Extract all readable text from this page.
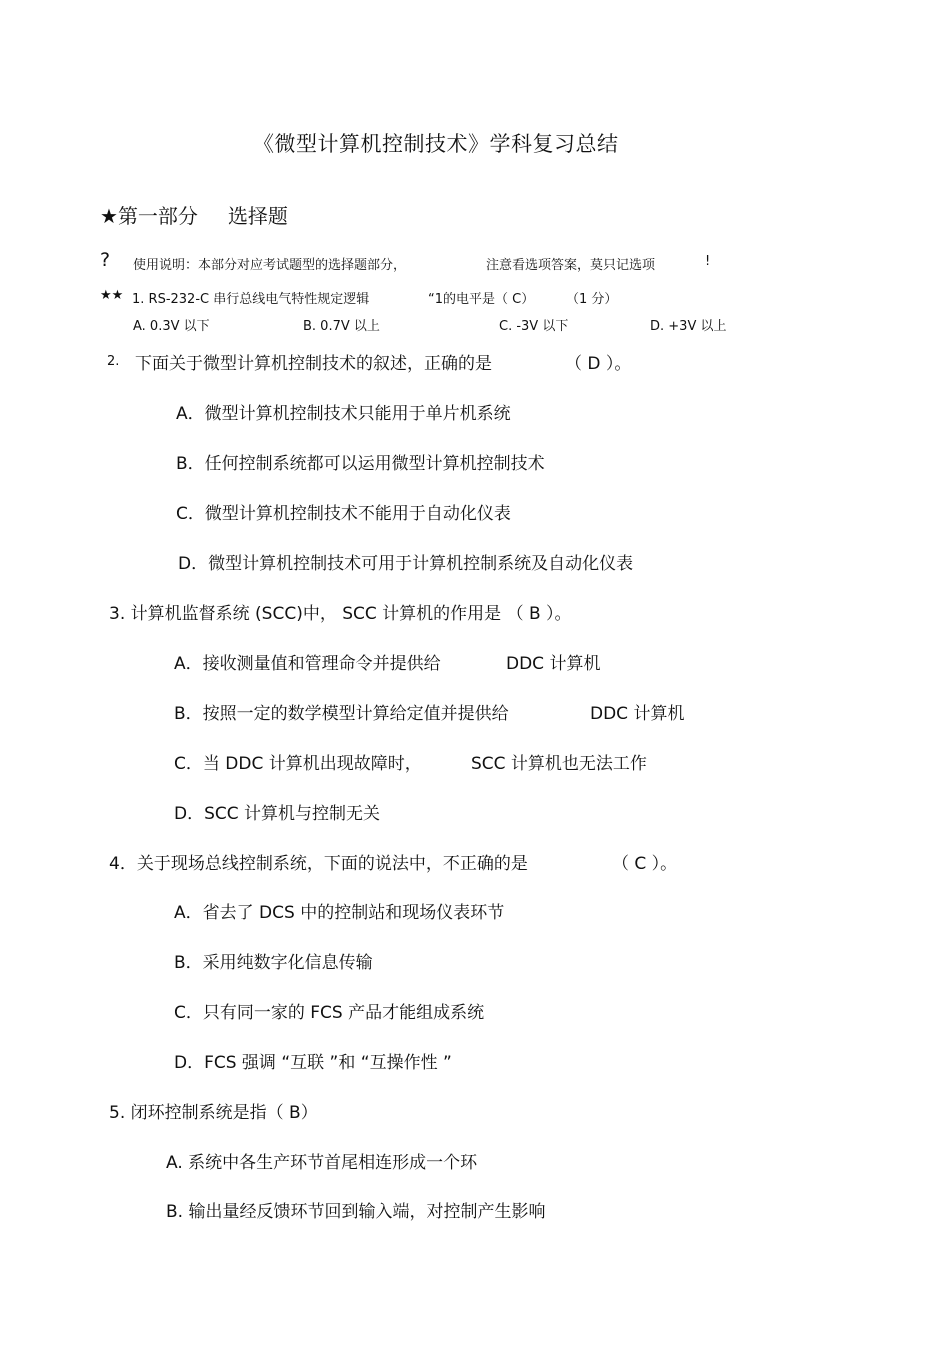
《微型计算机控制技术》学科复习总结
★第一部分 选择题
? 使用说明：本部分对应考试题型的选择题部分，	注意看选项答案，莫只记选项	!
★★ 1. RS-232-C 串行总线电气特性规定逻辑	“1的电平是（ C） （1 分）
A. 0.3V 以下	B. 0.7V 以上	C. -3V 以下	D. +3V 以上
2. 下面关于微型计算机控制技术的叙述，正确的是	（ D ）。
A．微型计算机控制技术只能用于单片机系统
B．任何控制系统都可以运用微型计算机控制技术
C．微型计算机控制技术不能用于自动化仪表
D．微型计算机控制技术可用于计算机控制系统及自动化仪表
3. 计算机监督系统 (SCC)中， SCC 计算机的作用是 （ B ）。
A．接收测量值和管理命令并提供给	DDC 计算机
B．按照一定的数学模型计算给定值并提供给	DDC 计算机
C．当 DDC 计算机出现故障时，	SCC 计算机也无法工作
D．SCC 计算机与控制无关
4．关于现场总线控制系统，下面的说法中，不正确的是	（ C ）。
A．省去了 DCS 中的控制站和现场仪表环节
B．采用纯数字化信息传输
C．只有同一家的 FCS 产品才能组成系统
D．FCS 强调 “互联 ”和 “互操作性 ”
5. 闭环控制系统是指（ B）
A. 系统中各生产环节首尾相连形成一个环
B. 输出量经反馈环节回到输入端，对控制产生影响
